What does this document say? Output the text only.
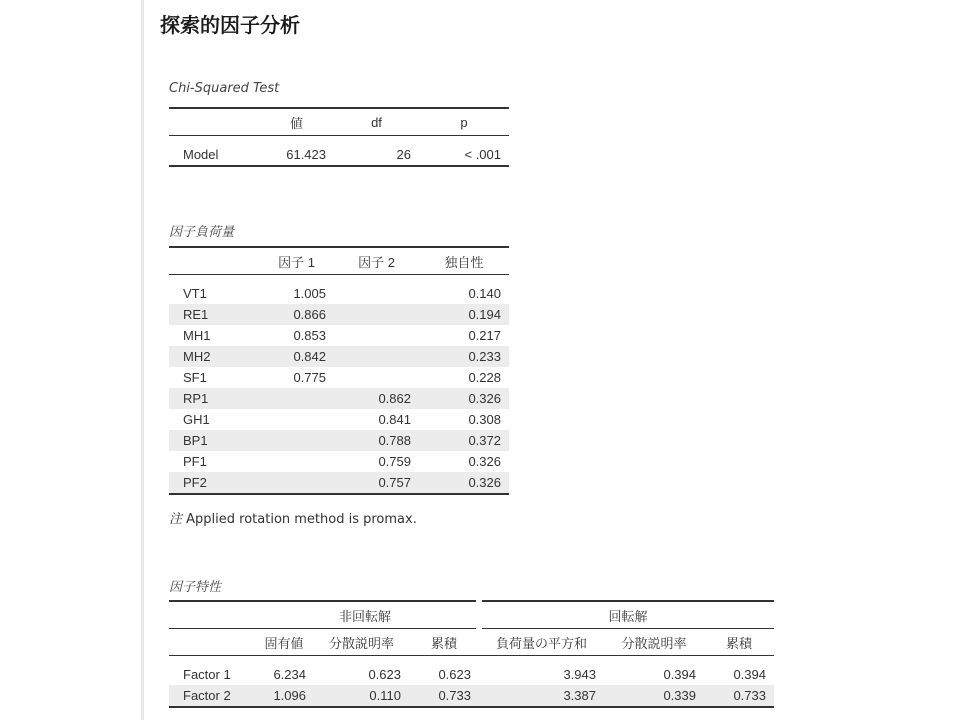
探索的因子分析
Chi-Squared Test
	値	df	p

Model	61.423	26	< .001
因子負荷量
	因子 1	因子 2	独自性

VT1	1.005		0.140
RE1	0.866		0.194
MH1	0.853		0.217
MH2	0.842		0.233
SF1	0.775		0.228
RP1		0.862	0.326
GH1		0.841	0.308
BP1		0.788	0.372
PF1		0.759	0.326
PF2		0.757	0.326
注 Applied rotation method is promax.
因子特性
	非回転解			回転解		
	固有値	分散説明率	累積	負荷量の平方和	分散説明率	累積

Factor 1	6.234	0.623	0.623	3.943	0.394	0.394
Factor 2	1.096	0.110	0.733	3.387	0.339	0.733
